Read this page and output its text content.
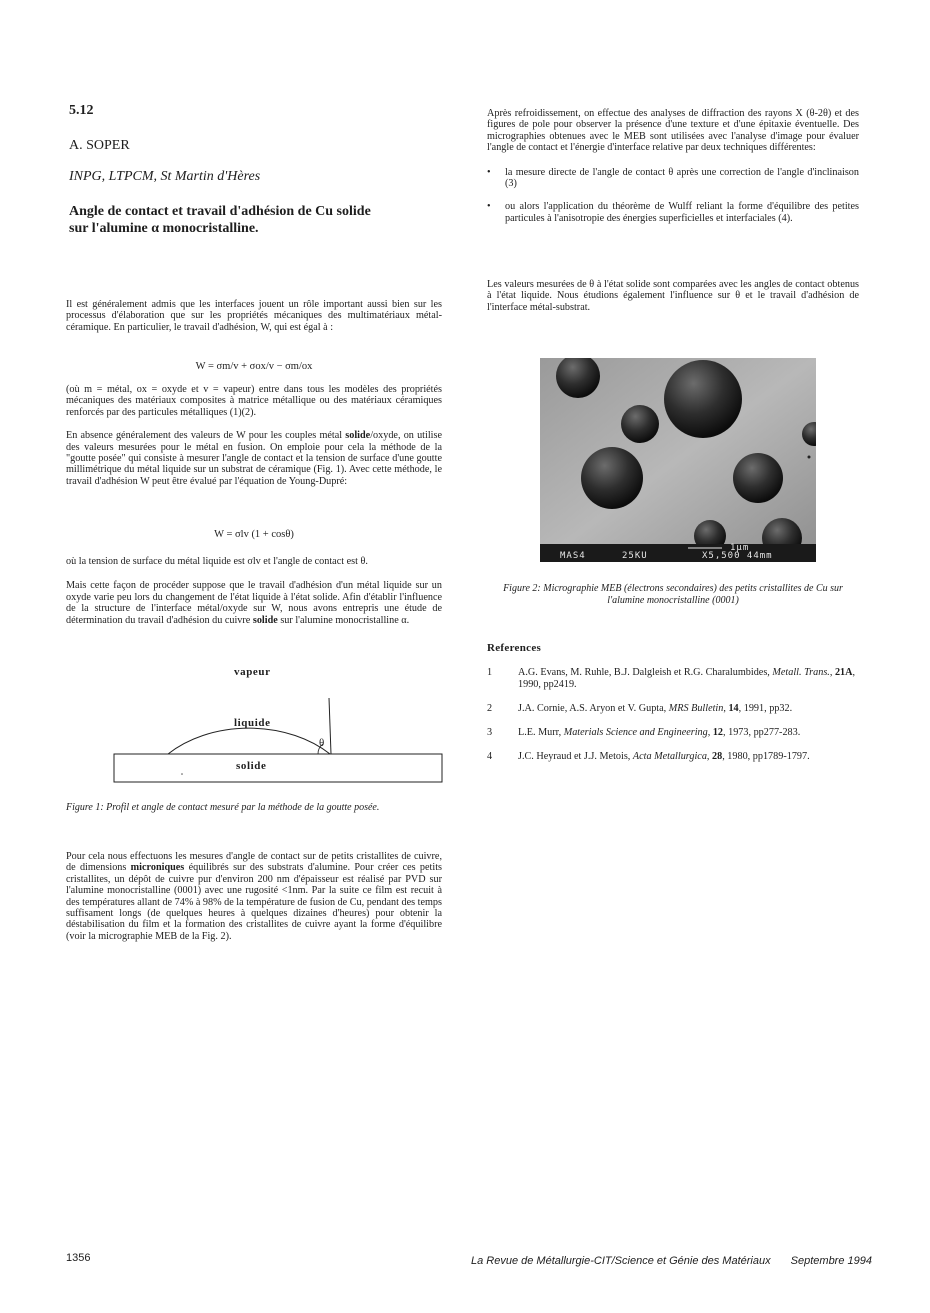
5.12
A. SOPER
INPG, LTPCM, St Martin d'Hères
Angle de contact et travail d'adhésion de Cu solide
sur l'alumine α monocristalline.

Il est généralement admis que les interfaces jouent un rôle important aussi bien sur les processus d'élaboration que sur les propriétés mécaniques des multimatériaux métal-céramique. En particulier, le travail d'adhésion, W, qui est égal à :

W = σm/v + σox/v − σm/ox

(où m = métal, ox = oxyde et v = vapeur) entre dans tous les modèles des propriétés mécaniques des matériaux composites à matrice métallique ou des matériaux céramiques renforcés par des particules métalliques (1)(2).

En absence généralement des valeurs de W pour les couples métal solide/oxyde, on utilise des valeurs mesurées pour le métal en fusion. On emploie pour cela la méthode de la "goutte posée" qui consiste à mesurer l'angle de contact et la tension de surface d'une goutte millimétrique du métal liquide sur un substrat de céramique (Fig. 1). Avec cette méthode, le travail d'adhésion W peut être évalué par l'équation de Young-Dupré:

W = σlv (1 + cosθ)

où la tension de surface du métal liquide est σlv et l'angle de contact est θ.

Mais cette façon de procéder suppose que le travail d'adhésion d'un métal liquide sur un oxyde varie peu lors du changement de l'état liquide à l'état solide. Afin d'établir l'influence de la structure de l'interface métal/oxyde sur W, nous avons entrepris une étude de détermination du travail d'adhésion du cuivre solide sur l'alumine monocristalline α.

vapeur
liquide
θ
solide
Figure 1: Profil et angle de contact mesuré par la méthode de la goutte posée.

Pour cela nous effectuons les mesures d'angle de contact sur de petits cristallites de cuivre, de dimensions microniques équilibrés sur des substrats d'alumine. Pour créer ces petits cristallites, un dépôt de cuivre pur d'environ 200 nm d'épaisseur est réalisé par PVD sur l'alumine monocristalline (0001) avec une rugosité <1nm. Par la suite ce film est recuit à des températures allant de 74% à 98% de la température de fusion de Cu, pendant des temps suffisament longs (de quelques heures à quelques dizaines d'heures) pour obtenir la déstabilisation du film et la formation des cristallites de cuivre ayant la forme d'équilibre (voir la micrographie MEB de la Fig. 2).

Après refroidissement, on effectue des analyses de diffraction des rayons X (θ-2θ) et des figures de pole pour observer la présence d'une texture et d'une épitaxie éventuelle. Des micrographies obtenues avec le MEB sont utilisées avec l'analyse d'image pour évaluer l'angle de contact et l'énergie d'interface relative par deux techniques différentes:

•	la mesure directe de l'angle de contact θ après une correction de l'angle d'inclinaison (3)
•	ou alors l'application du théorème de Wulff reliant la forme d'équilibre des petites particules à l'anisotropie des énergies superficielles et interfaciales (4).

Les valeurs mesurées de θ à l'état solide sont comparées avec les angles de contact obtenus à l'état liquide. Nous étudions également l'influence sur θ et le travail d'adhésion de l'interface métal-substrat.

1µm
MAS4	25KU	X5,500 44mm
Figure 2: Micrographie MEB (électrons secondaires) des petits cristallites de Cu sur l'alumine monocristalline (0001)
References
1	A.G. Evans, M. Ruhle, B.J. Dalgleish et R.G. Charalumbides, Metall. Trans., 21A, 1990, pp2419.
2	J.A. Cornie, A.S. Aryon et V. Gupta, MRS Bulletin, 14, 1991, pp32.
3	L.E. Murr, Materials Science and Engineering, 12, 1973, pp277-283.
4	J.C. Heyraud et J.J. Metois, Acta Metallurgica, 28, 1980, pp1789-1797.
1356	La Revue de Métallurgie-CIT/Science et Génie des Matériaux Septembre 1994
